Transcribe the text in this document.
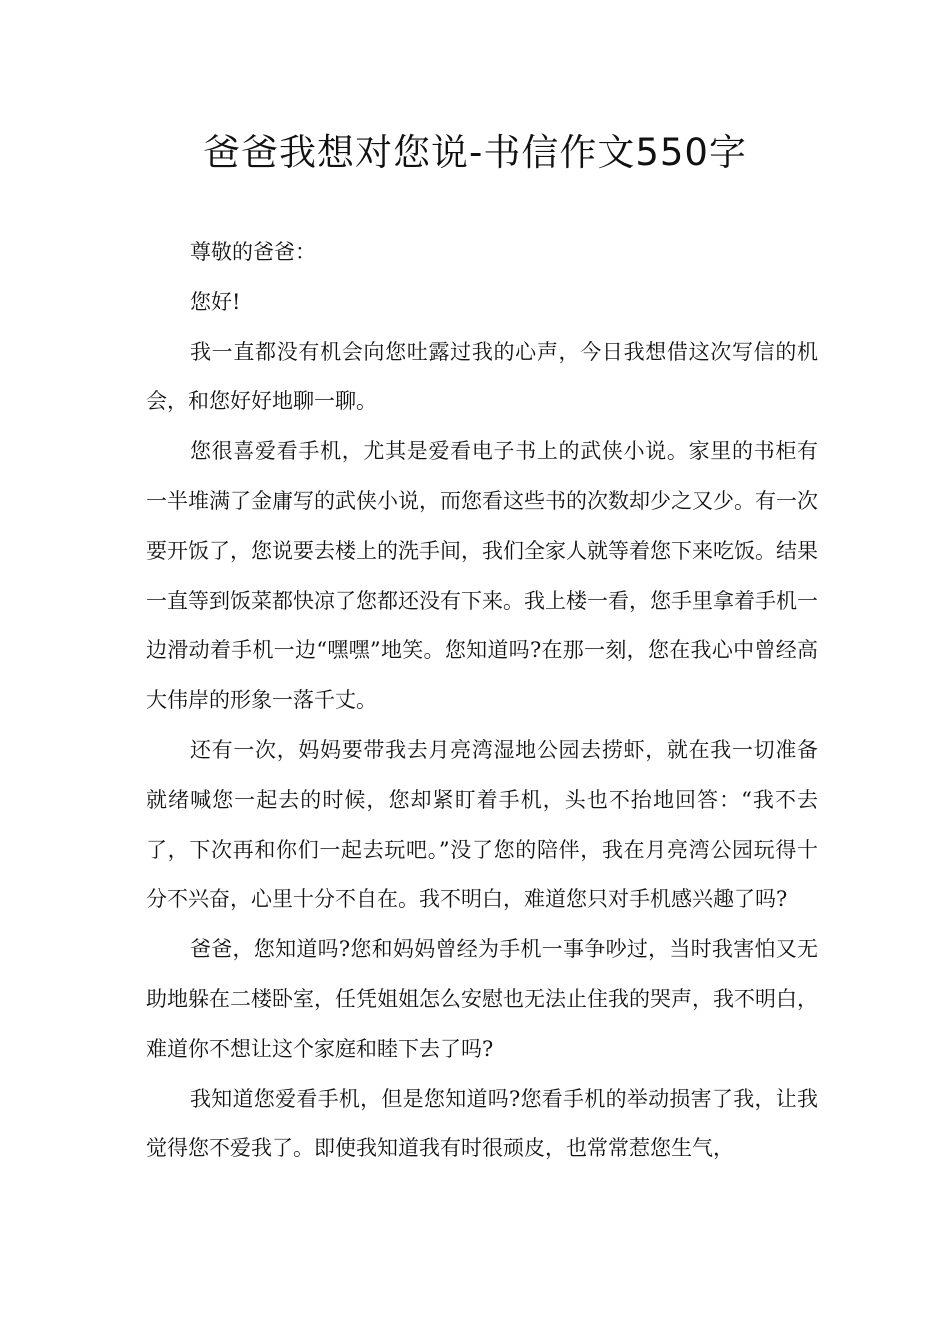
爸爸我想对您说-书信作文550字

尊敬的爸爸：

您好!

我一直都没有机会向您吐露过我的心声，今日我想借这次写信的机会，和您好好地聊一聊。

您很喜爱看手机，尤其是爱看电子书上的武侠小说。家里的书柜有一半堆满了金庸写的武侠小说，而您看这些书的次数却少之又少。有一次要开饭了，您说要去楼上的洗手间，我们全家人就等着您下来吃饭。结果一直等到饭菜都快凉了您都还没有下来。我上楼一看，您手里拿着手机一边滑动着手机一边“嘿嘿”地笑。您知道吗?在那一刻，您在我心中曾经高大伟岸的形象一落千丈。

还有一次，妈妈要带我去月亮湾湿地公园去捞虾，就在我一切准备就绪喊您一起去的时候，您却紧盯着手机，头也不抬地回答：“我不去了，下次再和你们一起去玩吧。”没了您的陪伴，我在月亮湾公园玩得十分不兴奋，心里十分不自在。我不明白，难道您只对手机感兴趣了吗?

爸爸，您知道吗?您和妈妈曾经为手机一事争吵过，当时我害怕又无助地躲在二楼卧室，任凭姐姐怎么安慰也无法止住我的哭声，我不明白，难道你不想让这个家庭和睦下去了吗?

我知道您爱看手机，但是您知道吗?您看手机的举动损害了我，让我觉得您不爱我了。即使我知道我有时很顽皮，也常常惹您生气，
